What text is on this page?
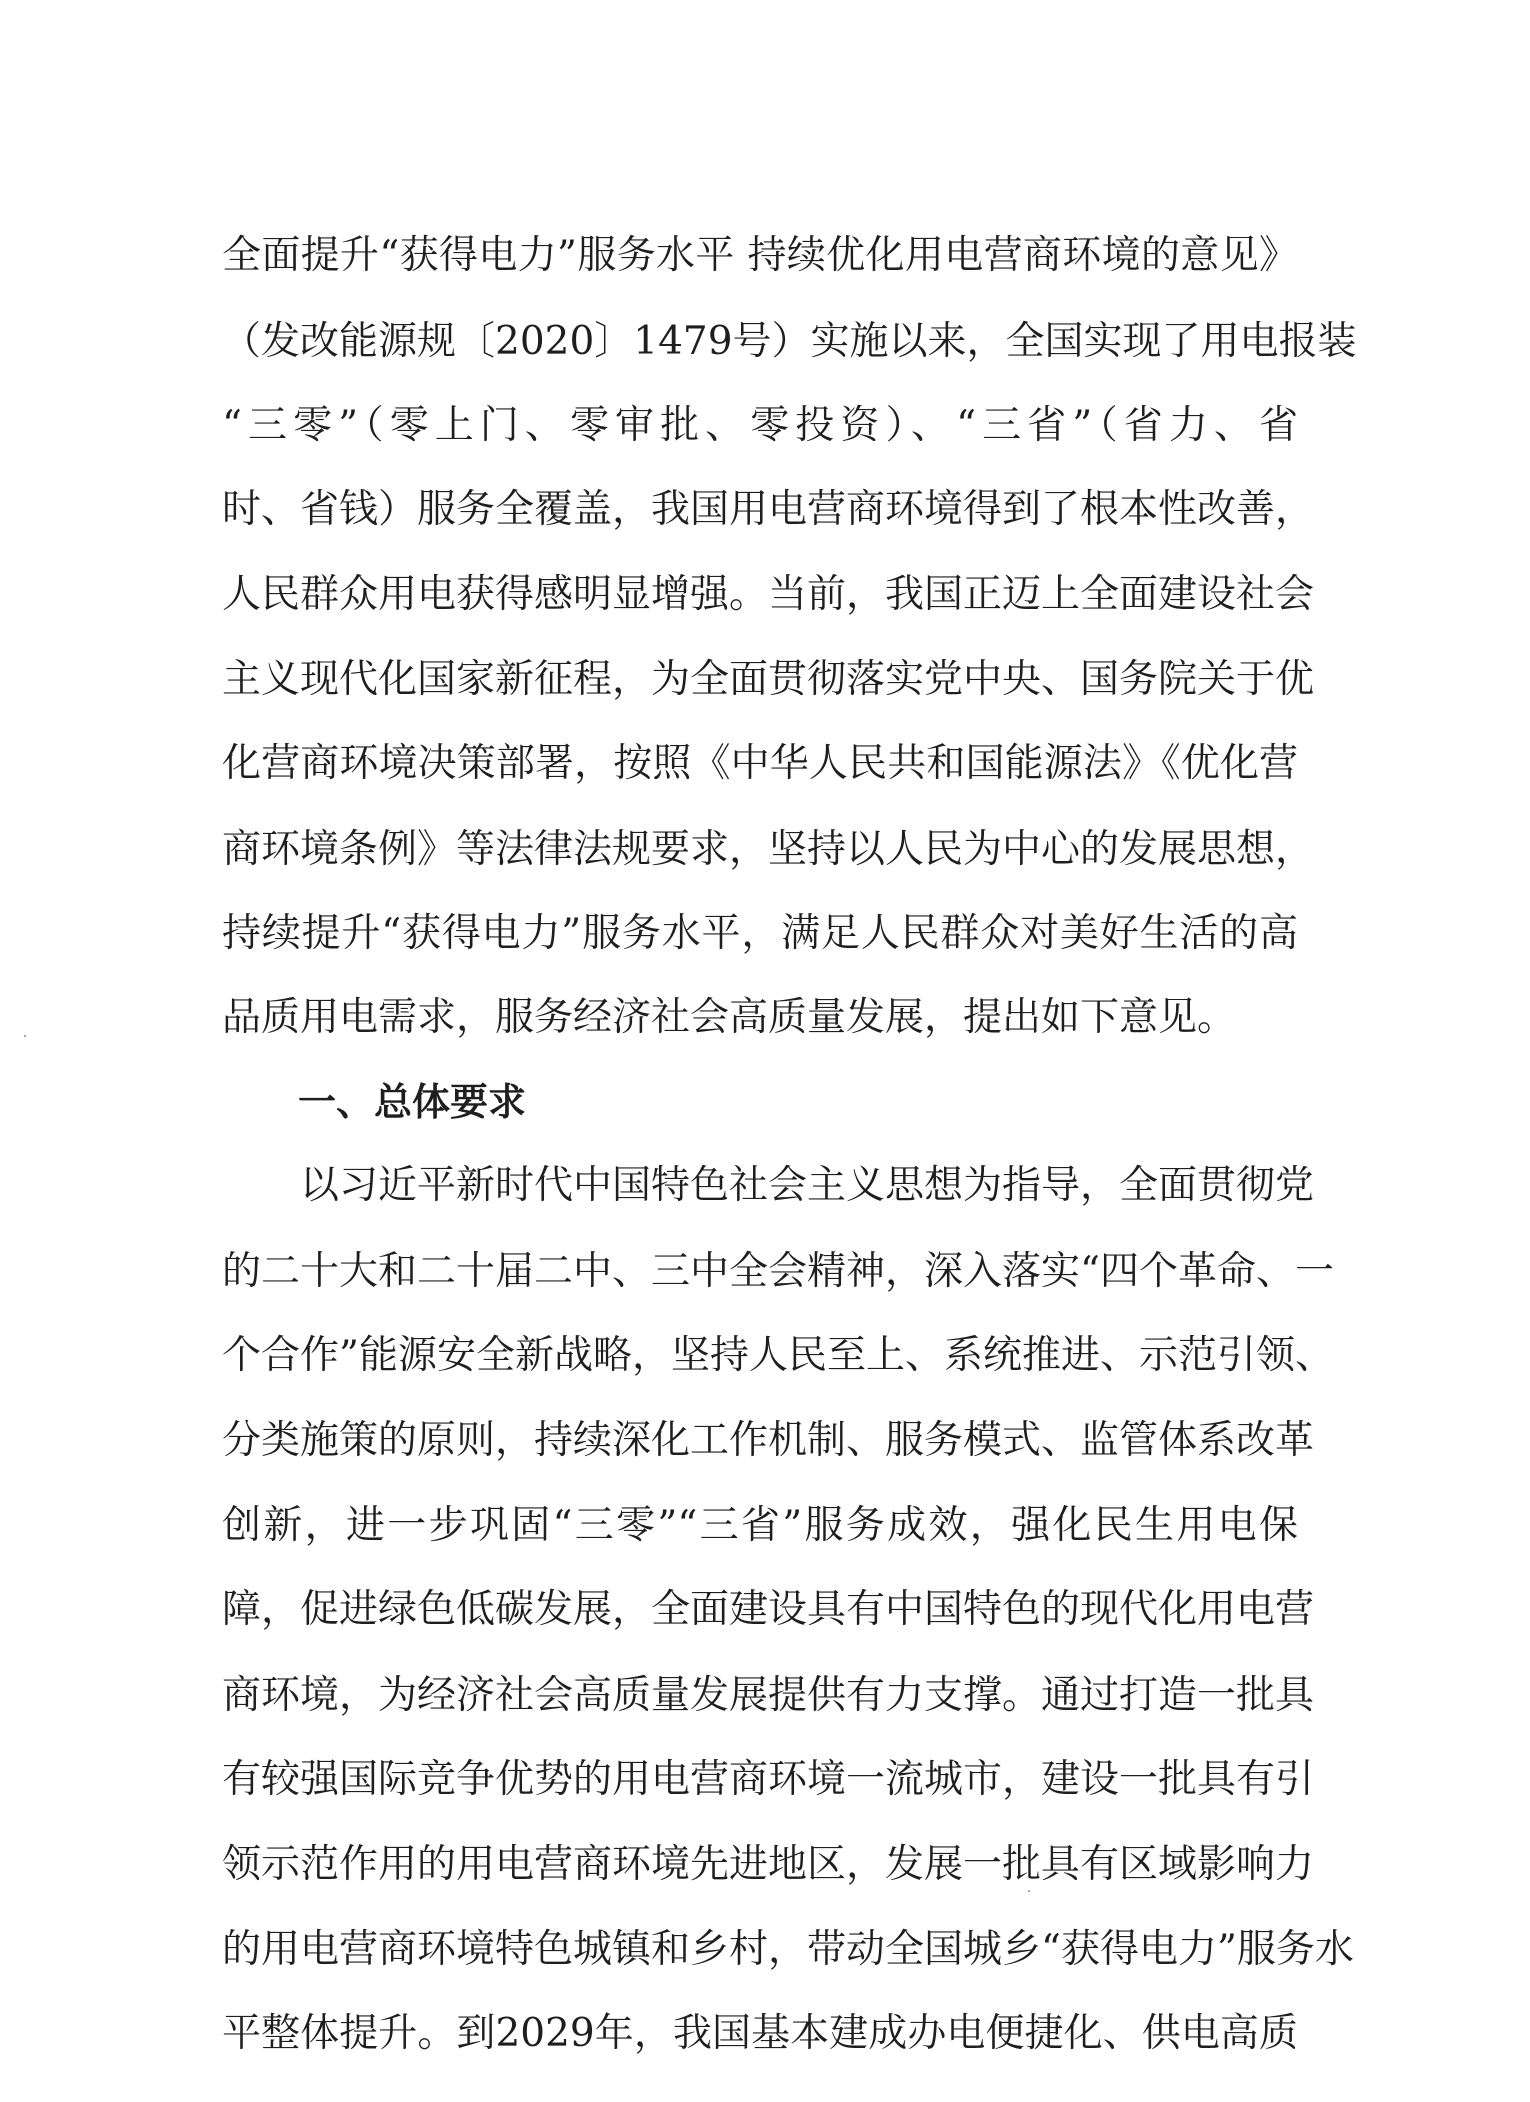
全面提升“获得电力”服务水平 持续优化用电营商环境的意见》
（发改能源规〔2020〕1479号）实施以来，全国实现了用电报装
“三零”（零上门、零审批、零投资）、“三省”（省力、省
时、省钱）服务全覆盖，我国用电营商环境得到了根本性改善，
人民群众用电获得感明显增强。当前，我国正迈上全面建设社会
主义现代化国家新征程，为全面贯彻落实党中央、国务院关于优
化营商环境决策部署，按照《中华人民共和国能源法》《优化营
商环境条例》等法律法规要求，坚持以人民为中心的发展思想，
持续提升“获得电力”服务水平，满足人民群众对美好生活的高
品质用电需求，服务经济社会高质量发展，提出如下意见。
一、总体要求
以习近平新时代中国特色社会主义思想为指导，全面贯彻党
的二十大和二十届二中、三中全会精神，深入落实“四个革命、一
个合作”能源安全新战略，坚持人民至上、系统推进、示范引领、
分类施策的原则，持续深化工作机制、服务模式、监管体系改革
创新，进一步巩固“三零”“三省”服务成效，强化民生用电保
障，促进绿色低碳发展，全面建设具有中国特色的现代化用电营
商环境，为经济社会高质量发展提供有力支撑。通过打造一批具
有较强国际竞争优势的用电营商环境一流城市，建设一批具有引
领示范作用的用电营商环境先进地区，发展一批具有区域影响力
的用电营商环境特色城镇和乡村，带动全国城乡“获得电力”服务水
平整体提升。到2029年，我国基本建成办电便捷化、供电高质
